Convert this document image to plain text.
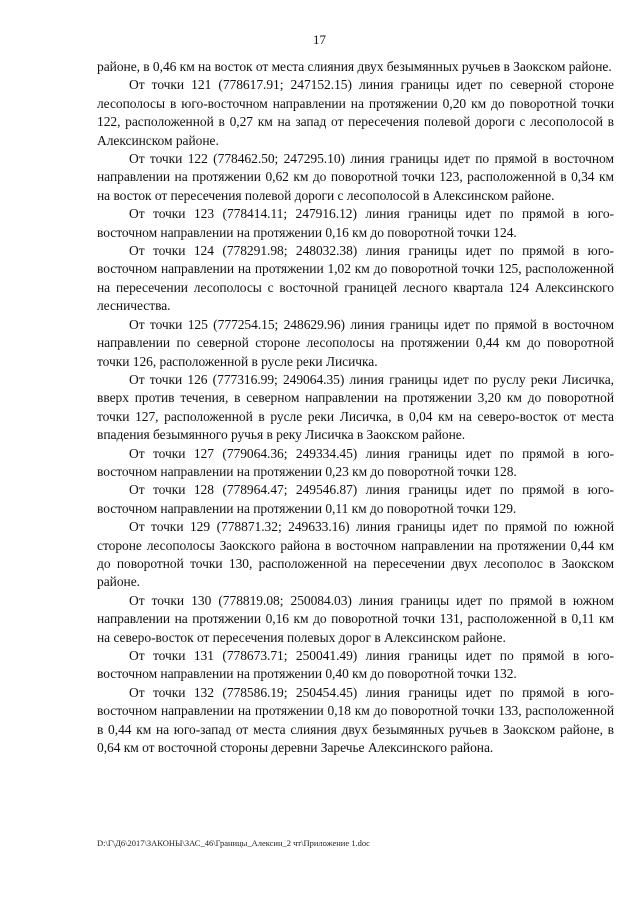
17

районе, в 0,46 км на восток от места слияния двух безымянных ручьев в Заокском районе.

От точки 121 (778617.91; 247152.15) линия границы идет по северной стороне лесополосы в юго-восточном направлении на протяжении 0,20 км до поворотной точки 122, расположенной в 0,27 км на запад от пересечения полевой дороги с лесополосой в Алексинском районе.

От точки 122 (778462.50; 247295.10) линия границы идет по прямой в восточном направлении на протяжении 0,62 км до поворотной точки 123, расположенной в 0,34 км на восток от пересечения полевой дороги с лесополосой в Алексинском районе.

От точки 123 (778414.11; 247916.12) линия границы идет по прямой в юго-восточном направлении на протяжении 0,16 км до поворотной точки 124.

От точки 124 (778291.98; 248032.38) линия границы идет по прямой в юго-восточном направлении на протяжении 1,02 км до поворотной точки 125, расположенной на пересечении лесополосы с восточной границей лесного квартала 124 Алексинского лесничества.

От точки 125 (777254.15; 248629.96) линия границы идет по прямой в восточном направлении по северной стороне лесополосы на протяжении 0,44 км до поворотной точки 126, расположенной в русле реки Лисичка.

От точки 126 (777316.99; 249064.35) линия границы идет по руслу реки Лисичка, вверх против течения, в северном направлении на протяжении 3,20 км до поворотной точки 127, расположенной в русле реки Лисичка, в 0,04 км на северо-восток от места впадения безымянного ручья в реку Лисичка в Заокском районе.

От точки 127 (779064.36; 249334.45) линия границы идет по прямой в юго-восточном направлении на протяжении 0,23 км до поворотной точки 128.

От точки 128 (778964.47; 249546.87) линия границы идет по прямой в юго-восточном направлении на протяжении 0,11 км до поворотной точки 129.

От точки 129 (778871.32; 249633.16) линия границы идет по прямой по южной стороне лесополосы Заокского района в восточном направлении на протяжении 0,44 км до поворотной точки 130, расположенной на пересечении двух лесополос в Заокском районе.

От точки 130 (778819.08; 250084.03) линия границы идет по прямой в южном направлении на протяжении 0,16 км до поворотной точки 131, расположенной в 0,11 км на северо-восток от пересечения полевых дорог в Алексинском районе.

От точки 131 (778673.71; 250041.49) линия границы идет по прямой в юго-восточном направлении на протяжении 0,40 км до поворотной точки 132.

От точки 132 (778586.19; 250454.45) линия границы идет по прямой в юго-восточном направлении на протяжении 0,18 км до поворотной точки 133, расположенной в 0,44 км на юго-запад от места слияния двух безымянных ручьев в Заокском районе, в 0,64 км от восточной стороны деревни Заречье Алексинского района.

D:\Г\Д6\2017\ЗАКОНЫ\ЗАС_46\Границы_Алексин_2 чт\Приложение 1.doc
